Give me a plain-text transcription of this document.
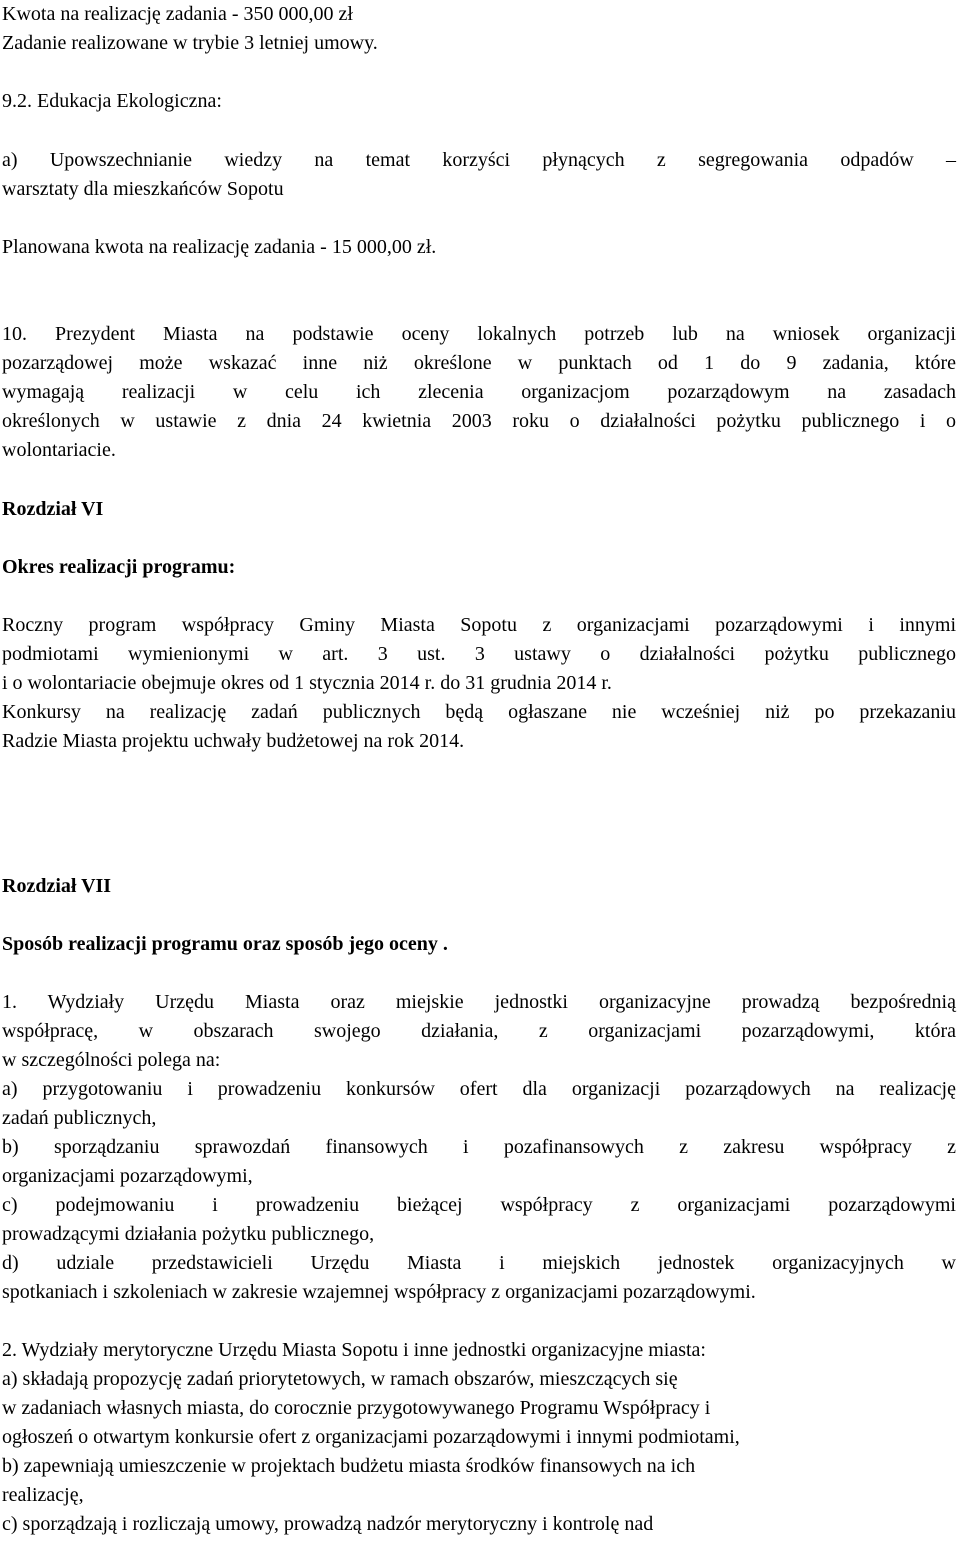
Kwota na realizację zadania - 350 000,00 zł
Zadanie realizowane w trybie 3 letniej umowy.
9.2. Edukacja Ekologiczna:
a) Upowszechnianie wiedzy na temat korzyści płynących z segregowania odpadów –
warsztaty dla mieszkańców Sopotu
Planowana kwota na realizację zadania - 15 000,00 zł.
10. Prezydent Miasta na podstawie oceny lokalnych potrzeb lub na wniosek organizacji
pozarządowej może wskazać inne niż określone w punktach od 1 do 9 zadania, które
wymagają realizacji w celu ich zlecenia organizacjom pozarządowym na zasadach
określonych w ustawie z dnia 24 kwietnia 2003 roku o działalności pożytku publicznego i o
wolontariacie.
Rozdział VI
Okres realizacji programu:
Roczny program współpracy Gminy Miasta Sopotu z organizacjami pozarządowymi i innymi
podmiotami wymienionymi w art. 3 ust. 3 ustawy o działalności pożytku publicznego
i o wolontariacie obejmuje okres od 1 stycznia 2014 r. do 31 grudnia 2014 r.
Konkursy na realizację zadań publicznych będą ogłaszane nie wcześniej niż po przekazaniu
Radzie Miasta projektu uchwały budżetowej na rok 2014.
Rozdział VII
Sposób realizacji programu oraz sposób jego oceny .
1. Wydziały Urzędu Miasta oraz miejskie jednostki organizacyjne prowadzą bezpośrednią
współpracę, w obszarach swojego działania, z organizacjami pozarządowymi, która
w szczególności polega na:
a) przygotowaniu i prowadzeniu konkursów ofert dla organizacji pozarządowych na realizację
zadań publicznych,
b) sporządzaniu sprawozdań finansowych i pozafinansowych z zakresu współpracy z
organizacjami pozarządowymi,
c) podejmowaniu i prowadzeniu bieżącej współpracy z organizacjami pozarządowymi
prowadzącymi działania pożytku publicznego,
d) udziale przedstawicieli Urzędu Miasta i miejskich jednostek organizacyjnych w
spotkaniach i szkoleniach w zakresie wzajemnej współpracy z organizacjami pozarządowymi.
2. Wydziały merytoryczne Urzędu Miasta Sopotu i inne jednostki organizacyjne miasta:
a) składają propozycję zadań priorytetowych, w ramach obszarów, mieszczących się
w zadaniach własnych miasta, do corocznie przygotowywanego Programu Współpracy i
ogłoszeń o otwartym konkursie ofert z organizacjami pozarządowymi i innymi podmiotami,
b) zapewniają umieszczenie w projektach budżetu miasta środków finansowych na ich
realizację,
c) sporządzają i rozliczają umowy, prowadzą nadzór merytoryczny i kontrolę nad
